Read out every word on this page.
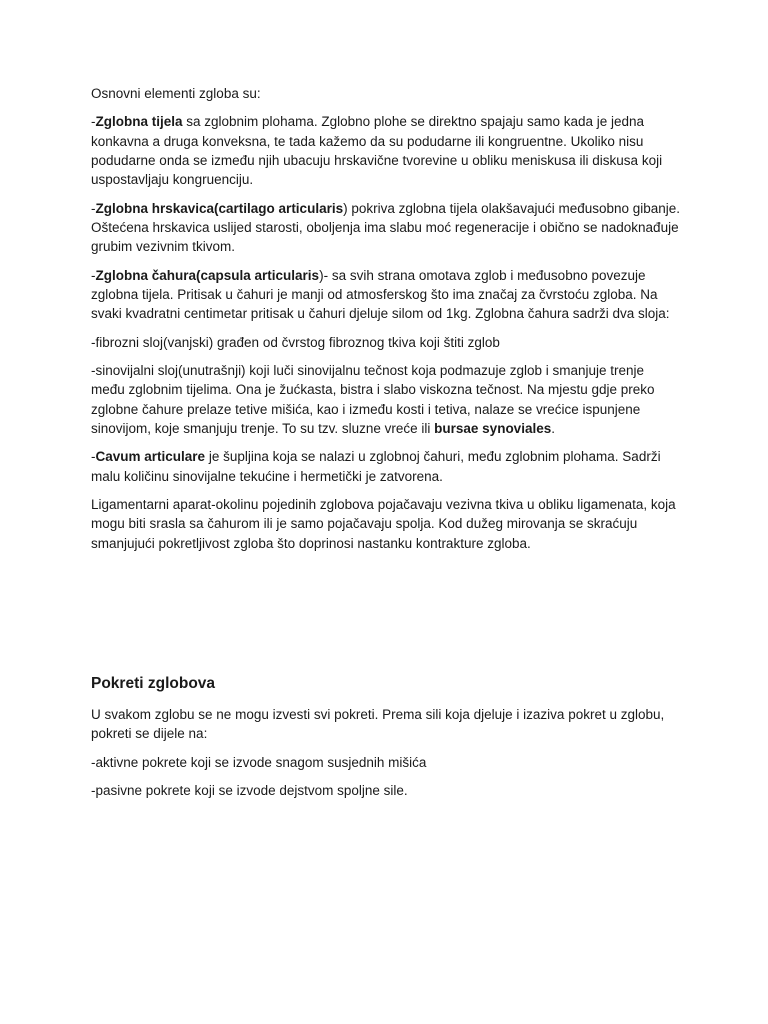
Osnovni elementi zgloba su:

-Zglobna tijela sa zglobnim plohama. Zglobno plohe se direktno spajaju samo kada je jedna konkavna a druga konveksna, te tada kažemo da su podudarne ili kongruentne. Ukoliko nisu podudarne onda se između njih ubacuju hrskavične tvorevine u obliku meniskusa ili diskusa koji uspostavljaju kongruenciju.

-Zglobna hrskavica(cartilago articularis) pokriva zglobna tijela olakšavajući međusobno gibanje. Oštećena hrskavica uslijed starosti, oboljenja ima slabu moć regeneracije i obično se nadoknađuje grubim vezivnim tkivom.

-Zglobna čahura(capsula articularis)- sa svih strana omotava zglob i međusobno povezuje zglobna tijela. Pritisak u čahuri je manji od atmosferskog što ima značaj za čvrstoću zgloba. Na svaki kvadratni centimetar pritisak u čahuri djeluje silom od 1kg. Zglobna čahura sadrži dva sloja:

-fibrozni sloj(vanjski) građen od čvrstog fibroznog tkiva koji štiti zglob

-sinovijalni sloj(unutrašnji) koji luči sinovijalnu tečnost koja podmazuje zglob i smanjuje trenje među zglobnim tijelima. Ona je žućkasta, bistra i slabo viskozna tečnost. Na mjestu gdje preko zglobne čahure prelaze tetive mišića, kao i između kosti i tetiva, nalaze se vrećice ispunjene sinovijom, koje smanjuju trenje. To su tzv. sluzne vreće ili bursae synoviales.

-Cavum articulare je šupljina koja se nalazi u zglobnoj čahuri, među zglobnim plohama. Sadrži malu količinu sinovijalne tekućine i hermetički je zatvorena.

Ligamentarni aparat-okolinu pojedinih zglobova pojačavaju vezivna tkiva u obliku ligamenata, koja mogu biti srasla sa čahurom ili je samo pojačavaju spolja. Kod dužeg mirovanja se skraćuju smanjujući pokretljivost zgloba što doprinosi nastanku kontrakture zgloba.

Pokreti zglobova

U svakom zglobu se ne mogu izvesti svi pokreti. Prema sili koja djeluje i izaziva pokret u zglobu, pokreti se dijele na:

-aktivne pokrete koji se izvode snagom susjednih mišića

-pasivne pokrete koji se izvode dejstvom spoljne sile.
